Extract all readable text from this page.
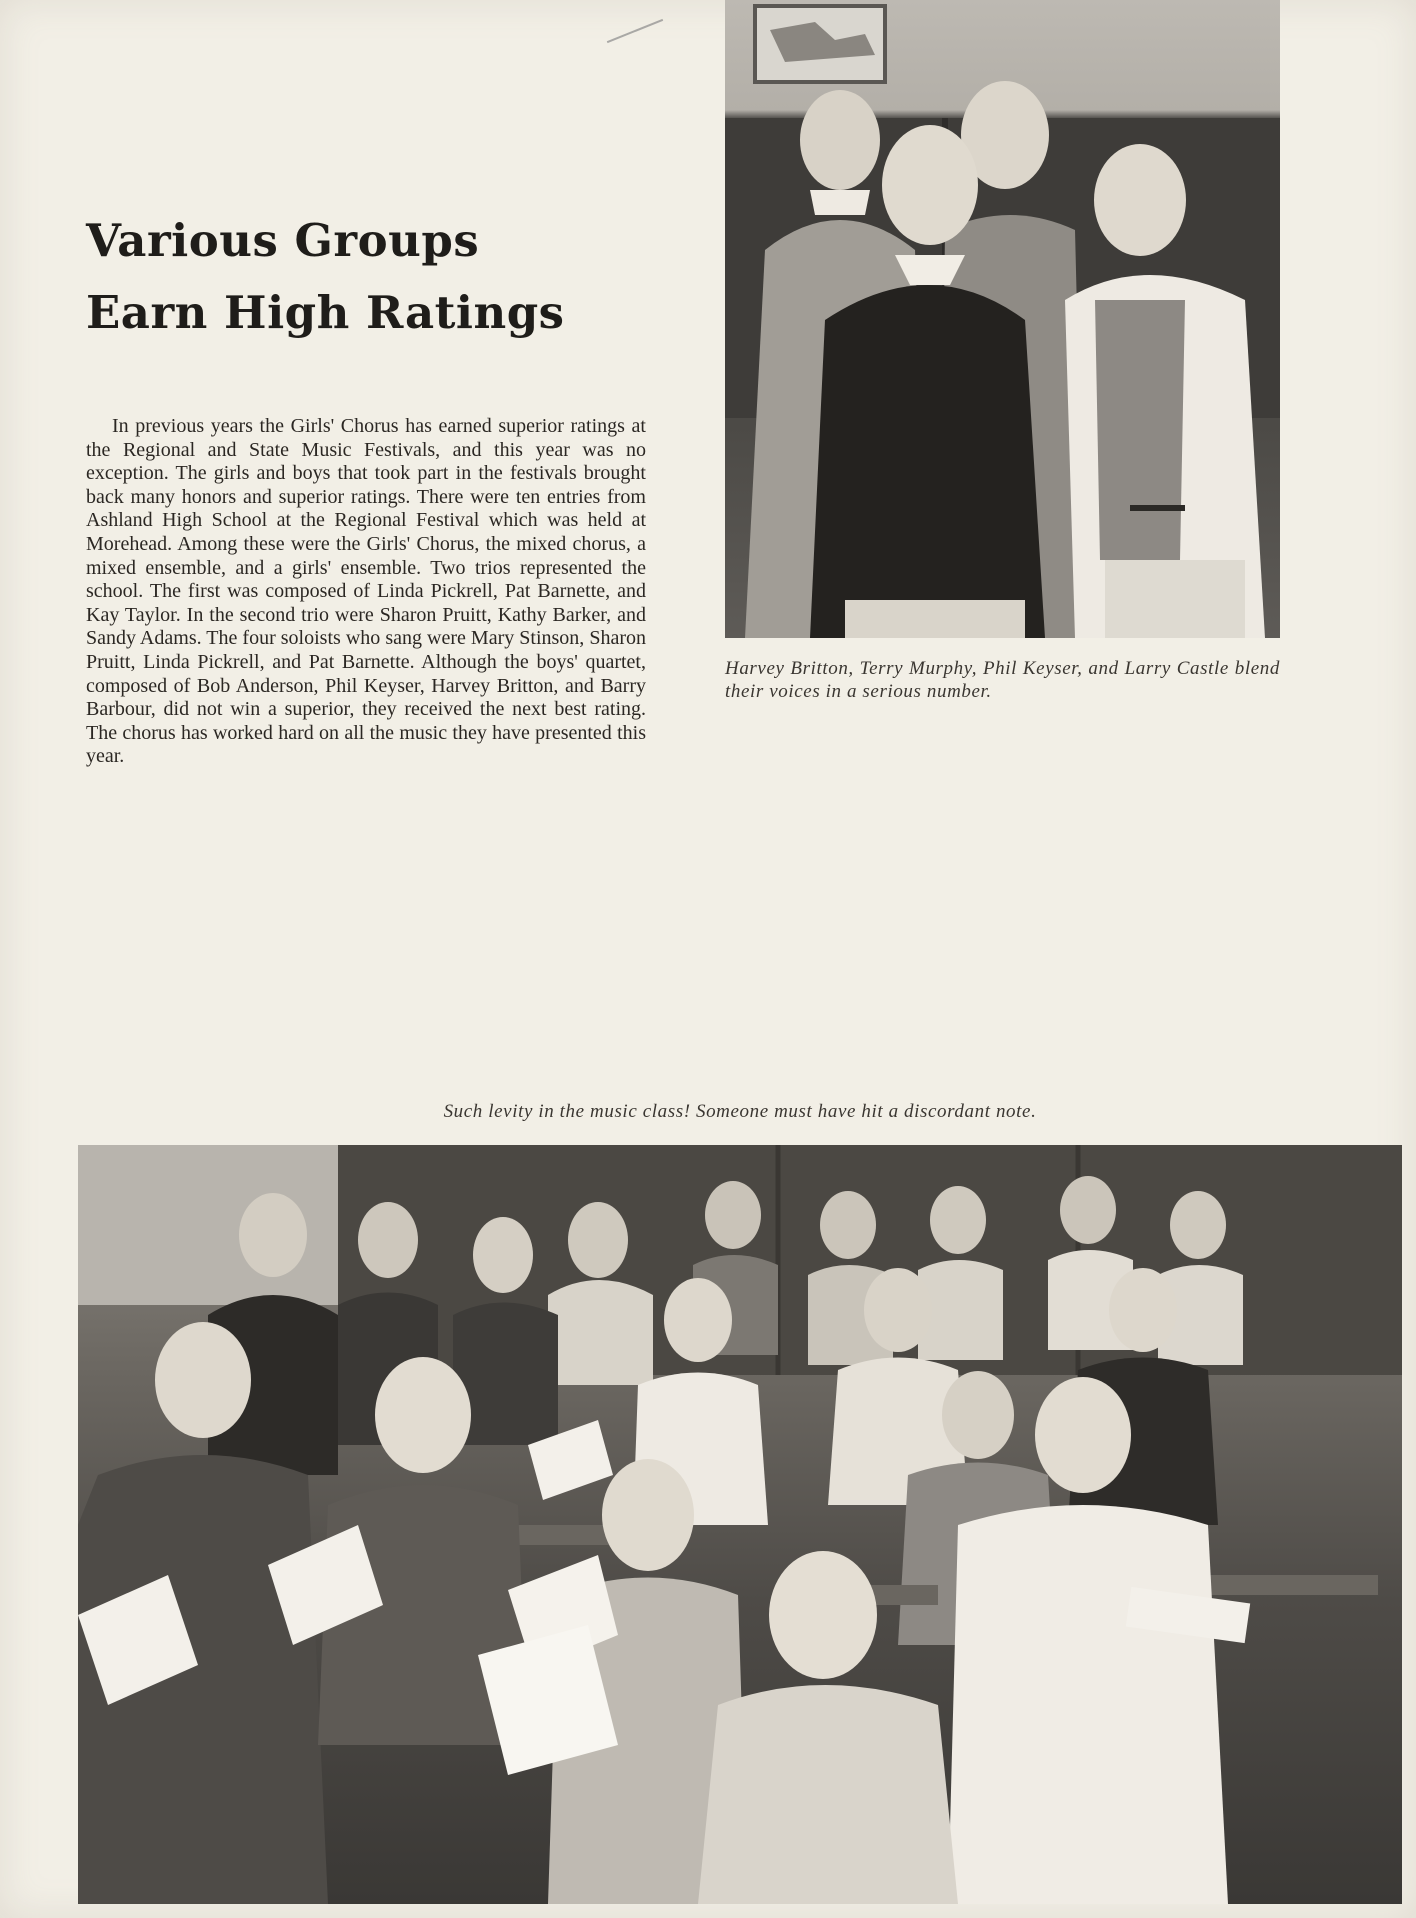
Various Groups
Earn High Ratings

In previous years the Girls' Chorus has earned superior ratings at the Regional and State Music Festivals, and this year was no exception. The girls and boys that took part in the festivals brought back many honors and superior ratings. There were ten entries from Ashland High School at the Regional Festival which was held at Morehead. Among these were the Girls' Chorus, the mixed chorus, a mixed ensemble, and a girls' ensemble. Two trios represented the school. The first was composed of Linda Pickrell, Pat Barnette, and Kay Taylor. In the second trio were Sharon Pruitt, Kathy Barker, and Sandy Adams. The four soloists who sang were Mary Stinson, Sharon Pruitt, Linda Pickrell, and Pat Barnette. Although the boys' quartet, composed of Bob Anderson, Phil Keyser, Harvey Britton, and Barry Barbour, did not win a superior, they received the next best rating. The chorus has worked hard on all the music they have presented this year.

Harvey Britton, Terry Murphy, Phil Keyser, and Larry Castle blend their voices in a serious number.
Such levity in the music class! Someone must have hit a discordant note.
